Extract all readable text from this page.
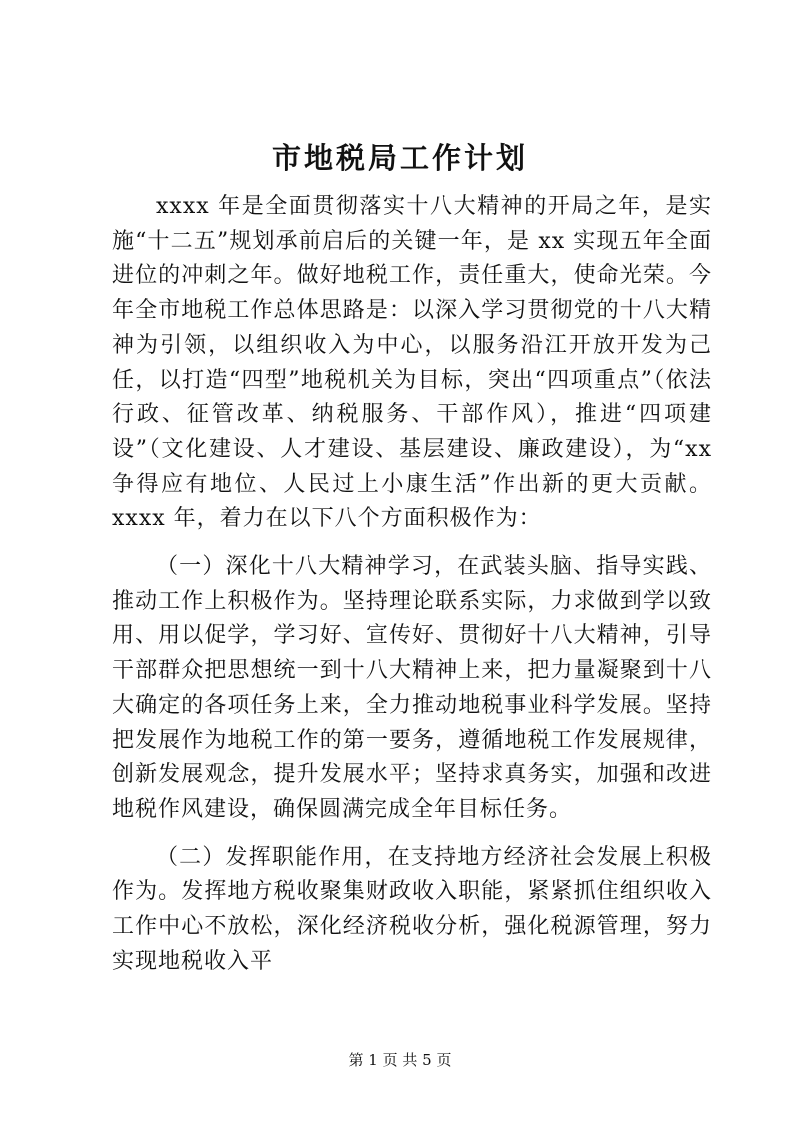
市地税局工作计划

xxxx 年是全面贯彻落实十八大精神的开局之年，是实施“十二五”规划承前启后的关键一年，是 xx 实现五年全面进位的冲刺之年。做好地税工作，责任重大，使命光荣。今年全市地税工作总体思路是：以深入学习贯彻党的十八大精神为引领，以组织收入为中心，以服务沿江开放开发为己任，以打造“四型”地税机关为目标，突出“四项重点”（依法行政、征管改革、纳税服务、干部作风），推进“四项建设”（文化建设、人才建设、基层建设、廉政建设），为“xx 争得应有地位、人民过上小康生活”作出新的更大贡献。xxxx 年，着力在以下八个方面积极作为：

（一）深化十八大精神学习，在武装头脑、指导实践、推动工作上积极作为。坚持理论联系实际，力求做到学以致用、用以促学，学习好、宣传好、贯彻好十八大精神，引导干部群众把思想统一到十八大精神上来，把力量凝聚到十八大确定的各项任务上来，全力推动地税事业科学发展。坚持把发展作为地税工作的第一要务，遵循地税工作发展规律，创新发展观念，提升发展水平；坚持求真务实，加强和改进地税作风建设，确保圆满完成全年目标任务。

（二）发挥职能作用，在支持地方经济社会发展上积极作为。发挥地方税收聚集财政收入职能，紧紧抓住组织收入工作中心不放松，深化经济税收分析，强化税源管理，努力实现地税收入平

第 1 页 共 5 页
